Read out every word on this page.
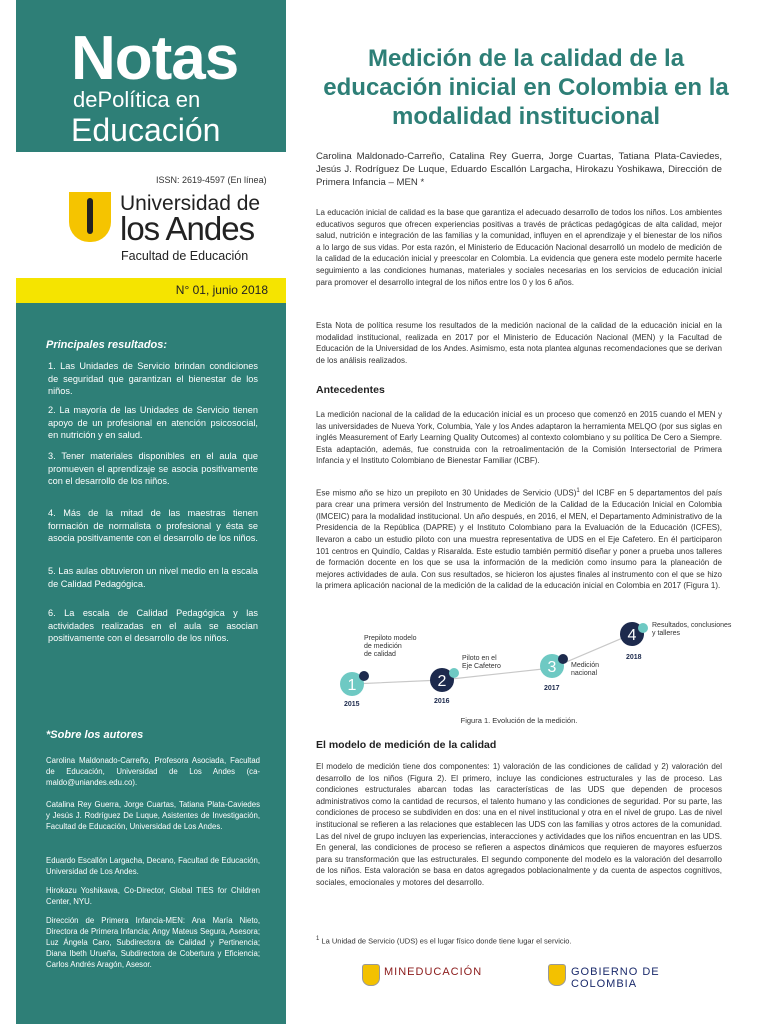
Notas
dePolítica en
Educación
ISSN: 2619-4597 (En línea)
Universidad de
los Andes
Facultad de Educación
N° 01, junio 2018
Principales resultados:
1. Las Unidades de Servicio brindan condiciones de seguridad que garantizan el bienestar de los niños.
2. La mayoría de las Unidades de Servicio tienen apoyo de un profesional en atención psicosocial, en nutrición y en salud.
3. Tener materiales disponibles en el aula que promueven el aprendizaje se asocia positivamente con el desarrollo de los niños.
4. Más de la mitad de las maestras tienen formación de normalista o profesional y ésta se asocia positivamente con el desarrollo de los niños.
5. Las aulas obtuvieron un nivel medio en la escala de Calidad Pedagógica.
6. La escala de Calidad Pedagógica y las actividades realizadas en el aula se asocian positivamente con el desarrollo de los niños.
*Sobre los autores
Carolina Maldonado-Carreño, Profesora Asociada, Facultad de Educación, Universidad de Los Andes (ca-maldo@uniandes.edu.co).
Catalina Rey Guerra, Jorge Cuartas, Tatiana Plata-Caviedes y Jesús J. Rodríguez De Luque, Asistentes de Investigación, Facultad de Educación, Universidad de Los Andes.
Eduardo Escallón Largacha, Decano, Facultad de Educación, Universidad de Los Andes.
Hirokazu Yoshikawa, Co-Director, Global TIES for Children Center, NYU.
Dirección de Primera Infancia-MEN: Ana María Nieto, Directora de Primera Infancia; Angy Mateus Segura, Asesora; Luz Ángela Caro, Subdirectora de Calidad y Pertinencia; Diana Ibeth Urueña, Subdirectora de Cobertura y Eficiencia; Carlos Andrés Aragón, Asesor.
Medición de la calidad de la educación inicial en Colombia en la modalidad institucional
Carolina Maldonado-Carreño, Catalina Rey Guerra, Jorge Cuartas, Tatiana Plata-Caviedes, Jesús J. Rodríguez De Luque, Eduardo Escallón Largacha, Hirokazu Yoshikawa, Dirección de Primera Infancia – MEN *
La educación inicial de calidad es la base que garantiza el adecuado desarrollo de todos los niños. Los ambientes educativos seguros que ofrecen experiencias positivas a través de prácticas pedagógicas de alta calidad, mejor salud, nutrición e integración de las familias y la comunidad, influyen en el aprendizaje y el bienestar de los niños a lo largo de sus vidas. Por esta razón, el Ministerio de Educación Nacional desarrolló un modelo de medición de la calidad de la educación inicial y preescolar en Colombia. La evidencia que genera este modelo permite hacerle seguimiento a las condiciones humanas, materiales y sociales necesarias en los servicios de educación inicial para promover el desarrollo integral de los niños entre los 0 y los 6 años.
Esta Nota de política resume los resultados de la medición nacional de la calidad de la educación inicial en la modalidad institucional, realizada en 2017 por el Ministerio de Educación Nacional (MEN) y la Facultad de Educación de la Universidad de los Andes. Asimismo, esta nota plantea algunas recomendaciones que se derivan de los análisis realizados.
Antecedentes
La medición nacional de la calidad de la educación inicial es un proceso que comenzó en 2015 cuando el MEN y las universidades de Nueva York, Columbia, Yale y los Andes adaptaron la herramienta MELQO (por sus siglas en inglés Measurement of Early Learning Quality Outcomes) al contexto colombiano y su política De Cero a Siempre. Esta adaptación, además, fue construida con la retroalimentación de la Comisión Intersectorial de Primera Infancia y el Instituto Colombiano de Bienestar Familiar (ICBF).
Ese mismo año se hizo un prepiloto en 30 Unidades de Servicio (UDS)$^1$ del ICBF en 5 departamentos del país para crear una primera versión del Instrumento de Medición de la Calidad de la Educación Inicial en Colombia (IMCEIC) para la modalidad institucional. Un año después, en 2016, el MEN, el Departamento Administrativo de la Presidencia de la República (DAPRE) y el Instituto Colombiano para la Evaluación de la Educación (ICFES), llevaron a cabo un estudio piloto con una muestra representativa de UDS en el Eje Cafetero. En él participaron 101 centros en Quindío, Caldas y Risaralda. Este estudio también permitió diseñar y poner a prueba unos talleres de formación docente en los que se usa la información de la medición como insumo para la planeación de mejores actividades de aula. Con sus resultados, se hicieron los ajustes finales al instrumento con el que se hizo la primera aplicación nacional de la medición de la calidad de la educación inicial en Colombia en 2017 (Figura 1).
1
2015
Prepiloto modelo de medición de calidad
2
2016
Piloto en el Eje Cafetero	3
2017
Medición nacional
4
2018
Resultados, conclusiones y talleres
Figura 1. Evolución de la medición.
El modelo de medición de la calidad
El modelo de medición tiene dos componentes: 1) valoración de las condiciones de calidad y 2) valoración del desarrollo de los niños (Figura 2). El primero, incluye las condiciones estructurales y las de proceso. Las condiciones estructurales abarcan todas las características de las UDS que dependen de procesos administrativos como la cantidad de recursos, el talento humano y las condiciones de seguridad. Por su parte, las condiciones de proceso se subdividen en dos: una en el nivel institucional y otra en el nivel de grupo. Las de nivel institucional se refieren a las relaciones que establecen las UDS con las familias y otros actores de la comunidad. Las del nivel de grupo incluyen las experiencias, interacciones y actividades que los niños encuentran en las UDS. En general, las condiciones de proceso se refieren a aspectos dinámicos que requieren de mayores esfuerzos para su transformación que las estructurales. El segundo componente del modelo es la valoración del desarrollo de los niños. Esta valoración se basa en datos agregados poblacionalmente y da cuenta de aspectos cognitivos, sociales, emocionales y motores del desarrollo.
$^1$ La Unidad de Servicio (UDS) es el lugar físico donde tiene lugar el servicio.
MINEDUCACIÓN	GOBIERNO DE COLOMBIA
